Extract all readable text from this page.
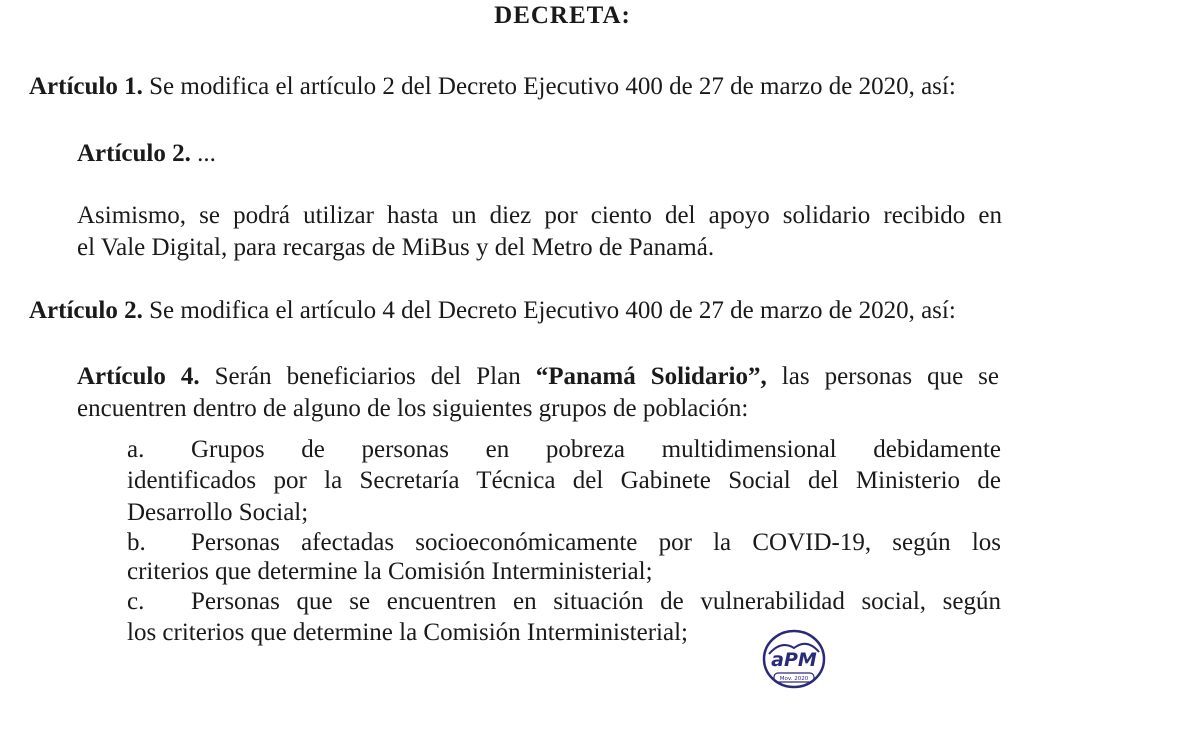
DECRETA:
Artículo 1. Se modifica el artículo 2 del Decreto Ejecutivo 400 de 27 de marzo de 2020, así:
Artículo 2. ...
Asimismo, se podrá utilizar hasta un diez por ciento del apoyo solidario recibido en
el Vale Digital, para recargas de MiBus y del Metro de Panamá.
Artículo 2. Se modifica el artículo 4 del Decreto Ejecutivo 400 de 27 de marzo de 2020, así:
Artículo 4. Serán beneficiarios del Plan “Panamá Solidario”, las personas que se
encuentren dentro de alguno de los siguientes grupos de población:
a. Grupos de personas en pobreza multidimensional debidamente
identificados por la Secretaría Técnica del Gabinete Social del Ministerio de
Desarrollo Social;
b. Personas afectadas socioeconómicamente por la COVID-19, según los
criterios que determine la Comisión Interministerial;
c. Personas que se encuentren en situación de vulnerabilidad social, según
los criterios que determine la Comisión Interministerial;
aPM
Mov. 2020
